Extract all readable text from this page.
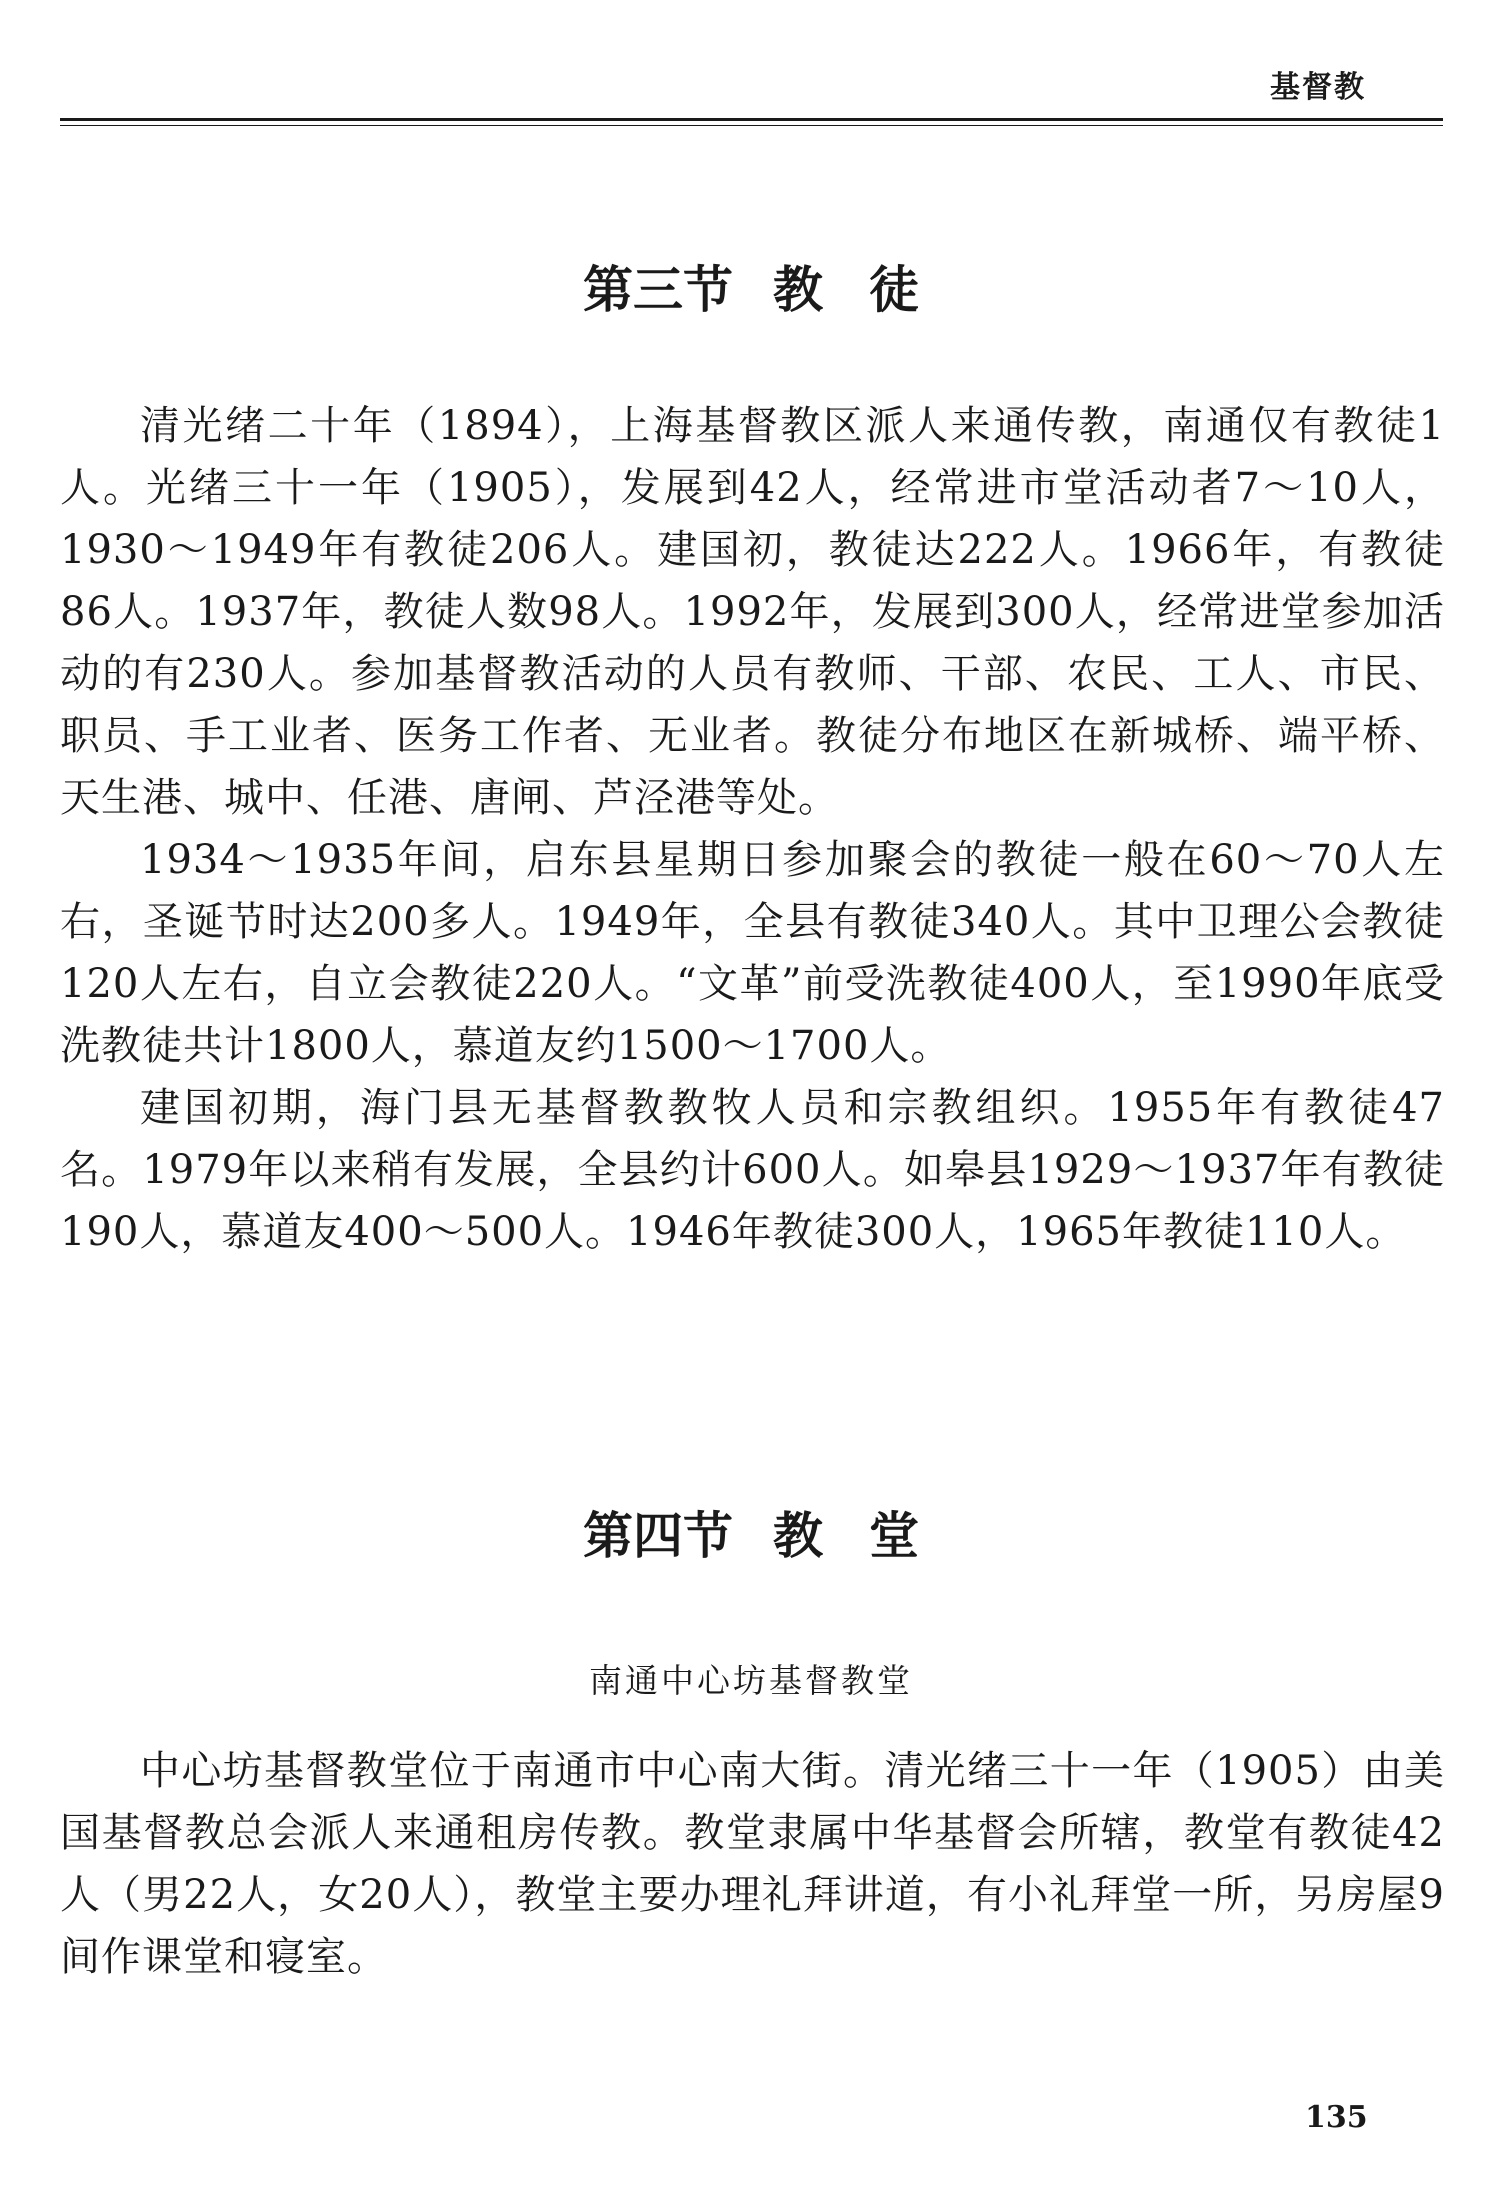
基督教
第三节 教 徒

清光绪二十年（1894），上海基督教区派人来通传教，南通仅有教徒1人。光绪三十一年（1905），发展到42人，经常进市堂活动者7～10人，1930～1949年有教徒206人。建国初，教徒达222人。1966年，有教徒86人。1937年，教徒人数98人。1992年，发展到300人，经常进堂参加活动的有230人。参加基督教活动的人员有教师、干部、农民、工人、市民、职员、手工业者、医务工作者、无业者。教徒分布地区在新城桥、端平桥、天生港、城中、任港、唐闸、芦泾港等处。

1934～1935年间，启东县星期日参加聚会的教徒一般在60～70人左右，圣诞节时达200多人。1949年，全县有教徒340人。其中卫理公会教徒120人左右，自立会教徒220人。“文革”前受洗教徒400人，至1990年底受洗教徒共计1800人，慕道友约1500～1700人。

建国初期，海门县无基督教教牧人员和宗教组织。1955年有教徒47名。1979年以来稍有发展，全县约计600人。如皋县1929～1937年有教徒190人，慕道友400～500人。1946年教徒300人，1965年教徒110人。

第四节 教 堂
南通中心坊基督教堂

中心坊基督教堂位于南通市中心南大街。清光绪三十一年（1905）由美国基督教总会派人来通租房传教。教堂隶属中华基督会所辖，教堂有教徒42人（男22人，女20人），教堂主要办理礼拜讲道，有小礼拜堂一所，另房屋9间作课堂和寝室。

135
